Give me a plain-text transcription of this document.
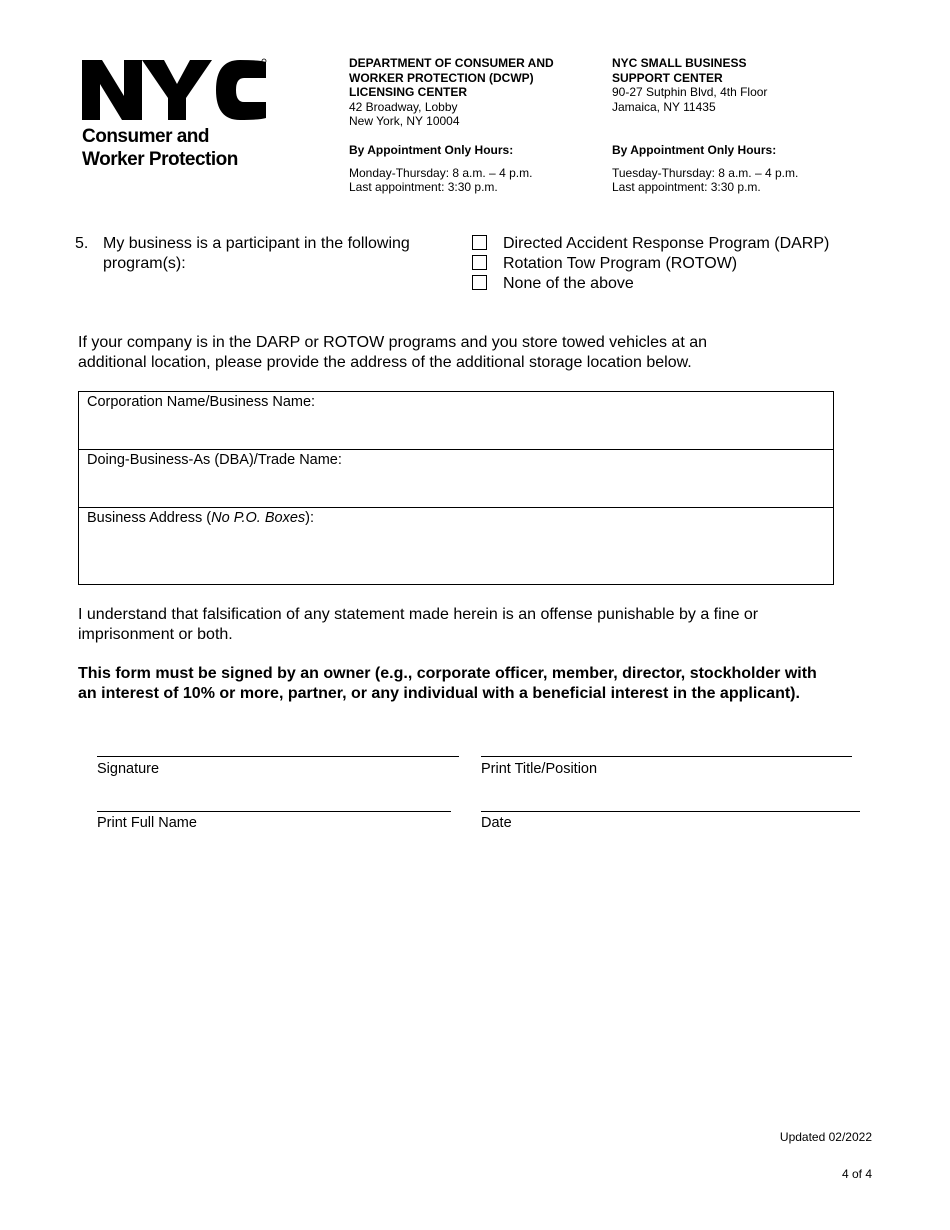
Consumer and
Worker Protection
DEPARTMENT OF CONSUMER AND
WORKER PROTECTION (DCWP)
LICENSING CENTER
42 Broadway, Lobby
New York, NY 10004
By Appointment Only Hours:
Monday-Thursday: 8 a.m. – 4 p.m.
Last appointment: 3:30 p.m.
NYC SMALL BUSINESS
SUPPORT CENTER
90-27 Sutphin Blvd, 4th Floor
Jamaica, NY 11435
By Appointment Only Hours:
Tuesday-Thursday: 8 a.m. – 4 p.m.
Last appointment: 3:30 p.m.
5. My business is a participant in the following
program(s):
Directed Accident Response Program (DARP)
Rotation Tow Program (ROTOW)
None of the above
If your company is in the DARP or ROTOW programs and you store towed vehicles at an
additional location, please provide the address of the additional storage location below.
Corporation Name/Business Name:
Doing-Business-As (DBA)/Trade Name:
Business Address (No P.O. Boxes):
I understand that falsification of any statement made herein is an offense punishable by a fine or
imprisonment or both.
This form must be signed by an owner (e.g., corporate officer, member, director, stockholder with
an interest of 10% or more, partner, or any individual with a beneficial interest in the applicant).
Signature	Print Title/Position
Print Full Name	Date
Updated 02/2022
4 of 4
